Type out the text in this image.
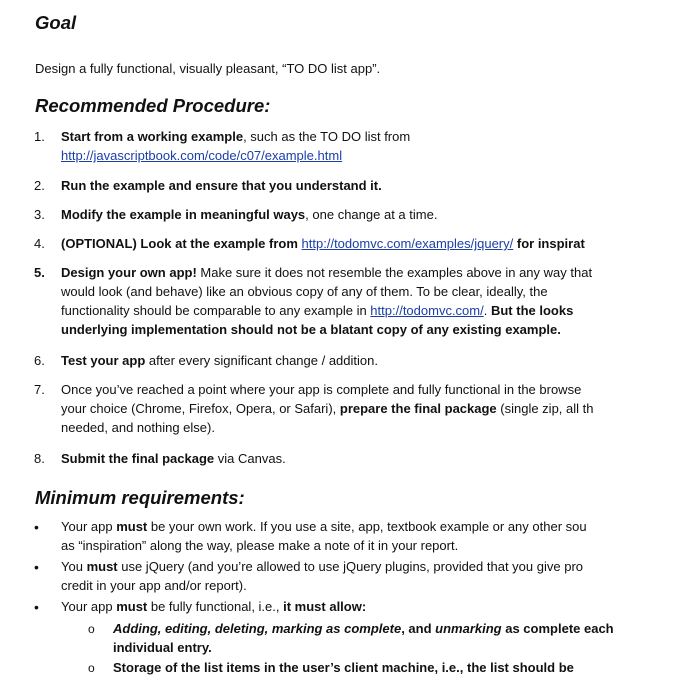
Goal
Design a fully functional, visually pleasant, “TO DO list app”.
Recommended Procedure:
1. Start from a working example, such as the TO DO list from
http://javascriptbook.com/code/c07/example.html
2. Run the example and ensure that you understand it.
3. Modify the example in meaningful ways, one change at a time.
4. (OPTIONAL) Look at the example from http://todomvc.com/examples/jquery/ for inspirat
5. Design your own app! Make sure it does not resemble the examples above in any way that
would look (and behave) like an obvious copy of any of them. To be clear, ideally, the
functionality should be comparable to any example in http://todomvc.com/. But the looks
underlying implementation should not be a blatant copy of any existing example.
6. Test your app after every significant change / addition.
7. Once you’ve reached a point where your app is complete and fully functional in the browse
your choice (Chrome, Firefox, Opera, or Safari), prepare the final package (single zip, all th
needed, and nothing else).
8. Submit the final package via Canvas.
Minimum requirements:
• Your app must be your own work. If you use a site, app, textbook example or any other sou
as “inspiration” along the way, please make a note of it in your report.
• You must use jQuery (and you’re allowed to use jQuery plugins, provided that you give pro
credit in your app and/or report).
• Your app must be fully functional, i.e., it must allow:
o Adding, editing, deleting, marking as complete, and unmarking as complete each
individual entry.
o Storage of the list items in the user’s client machine, i.e., the list should be
